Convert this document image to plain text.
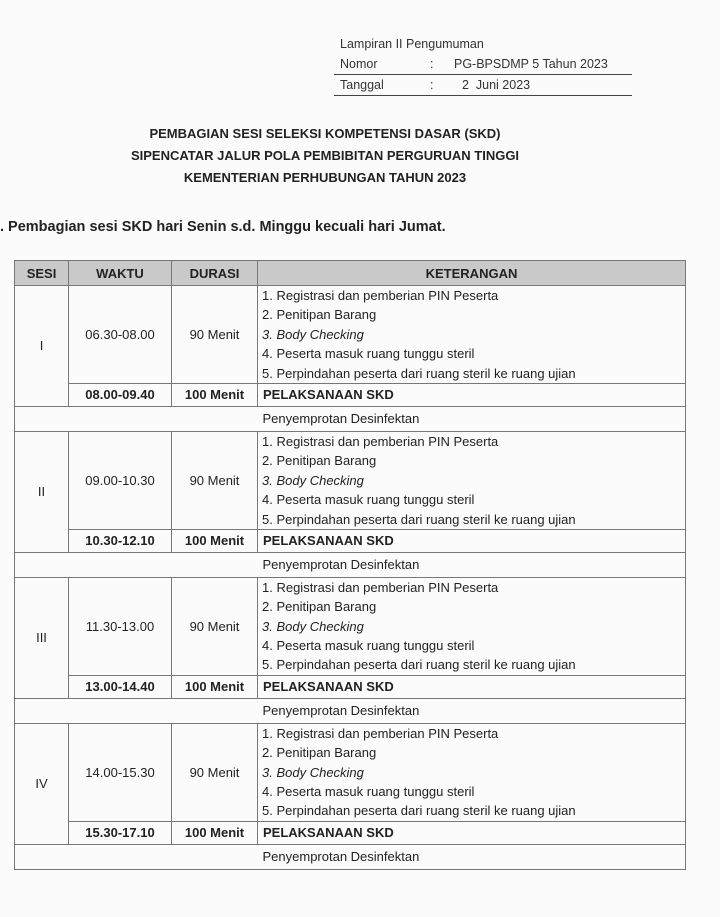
Lampiran II Pengumuman
Nomor	:	PG-BPSDMP 5 Tahun 2023
Tanggal	:	2  Juni 2023
PEMBAGIAN SESI SELEKSI KOMPETENSI DASAR (SKD)
SIPENCATAR JALUR POLA PEMBIBITAN PERGURUAN TINGGI
KEMENTERIAN PERHUBUNGAN TAHUN 2023
. Pembagian sesi SKD hari Senin s.d. Minggu kecuali hari Jumat.
SESI	WAKTU	DURASI	KETERANGAN
I	06.30-08.00	90 Menit	1. Registrasi dan pemberian PIN Peserta
2. Penitipan Barang
3. Body Checking
4. Peserta masuk ruang tunggu steril
5. Perpindahan peserta dari ruang steril ke ruang ujian

	08.00-09.40	100 Menit	PELAKSANAAN SKD
			Penyemprotan Desinfektan
II	09.00-10.30	90 Menit	1. Registrasi dan pemberian PIN Peserta
2. Penitipan Barang
3. Body Checking
4. Peserta masuk ruang tunggu steril
5. Perpindahan peserta dari ruang steril ke ruang ujian

	10.30-12.10	100 Menit	PELAKSANAAN SKD
			Penyemprotan Desinfektan
III	11.30-13.00	90 Menit	1. Registrasi dan pemberian PIN Peserta
2. Penitipan Barang
3. Body Checking
4. Peserta masuk ruang tunggu steril
5. Perpindahan peserta dari ruang steril ke ruang ujian

	13.00-14.40	100 Menit	PELAKSANAAN SKD
			Penyemprotan Desinfektan
IV	14.00-15.30	90 Menit	1. Registrasi dan pemberian PIN Peserta
2. Penitipan Barang
3. Body Checking
4. Peserta masuk ruang tunggu steril
5. Perpindahan peserta dari ruang steril ke ruang ujian

	15.30-17.10	100 Menit	PELAKSANAAN SKD
			Penyemprotan Desinfektan
